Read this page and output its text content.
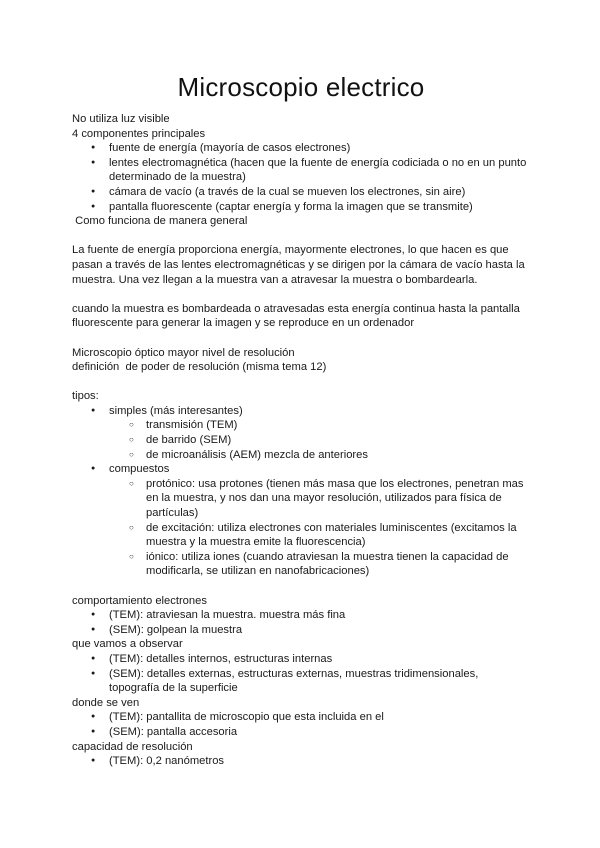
Microscopio electrico

No utiliza luz visible

4 componentes principales

● fuente de energía (mayoría de casos electrones)
● lentes electromagnética (hacen que la fuente de energía codiciada o no en un punto determinado de la muestra)
● cámara de vacío (a través de la cual se mueven los electrones, sin aire)
● pantalla fluorescente (captar energía y forma la imagen que se transmite)

Como funciona de manera general

La fuente de energía proporciona energía, mayormente electrones, lo que hacen es que pasan a través de las lentes electromagnéticas y se dirigen por la cámara de vacío hasta la muestra. Una vez llegan a la muestra van a atravesar la muestra o bombardearla.

cuando la muestra es bombardeada o atravesadas esta energía continua hasta la pantalla fluorescente para generar la imagen y se reproduce en un ordenador

Microscopio óptico mayor nivel de resolución

definición  de poder de resolución (misma tema 12)

tipos:

● simples (más interesantes)
○ transmisión (TEM)
○ de barrido (SEM)
○ de microanálisis (AEM) mezcla de anteriores
● compuestos
○ protónico: usa protones (tienen más masa que los electrones, penetran mas en la muestra, y nos dan una mayor resolución, utilizados para física de partículas)
○ de excitación: utiliza electrones con materiales luminiscentes (excitamos la muestra y la muestra emite la fluorescencia)
○ iónico: utiliza iones (cuando atraviesan la muestra tienen la capacidad de modificarla, se utilizan en nanofabricaciones)

comportamiento electrones

● (TEM): atraviesan la muestra. muestra más fina
● (SEM): golpean la muestra

que vamos a observar

● (TEM): detalles internos, estructuras internas
● (SEM): detalles externas, estructuras externas, muestras tridimensionales, topografía de la superficie

donde se ven

● (TEM): pantallita de microscopio que esta incluida en el
● (SEM): pantalla accesoria

capacidad de resolución

● (TEM): 0,2 nanómetros
